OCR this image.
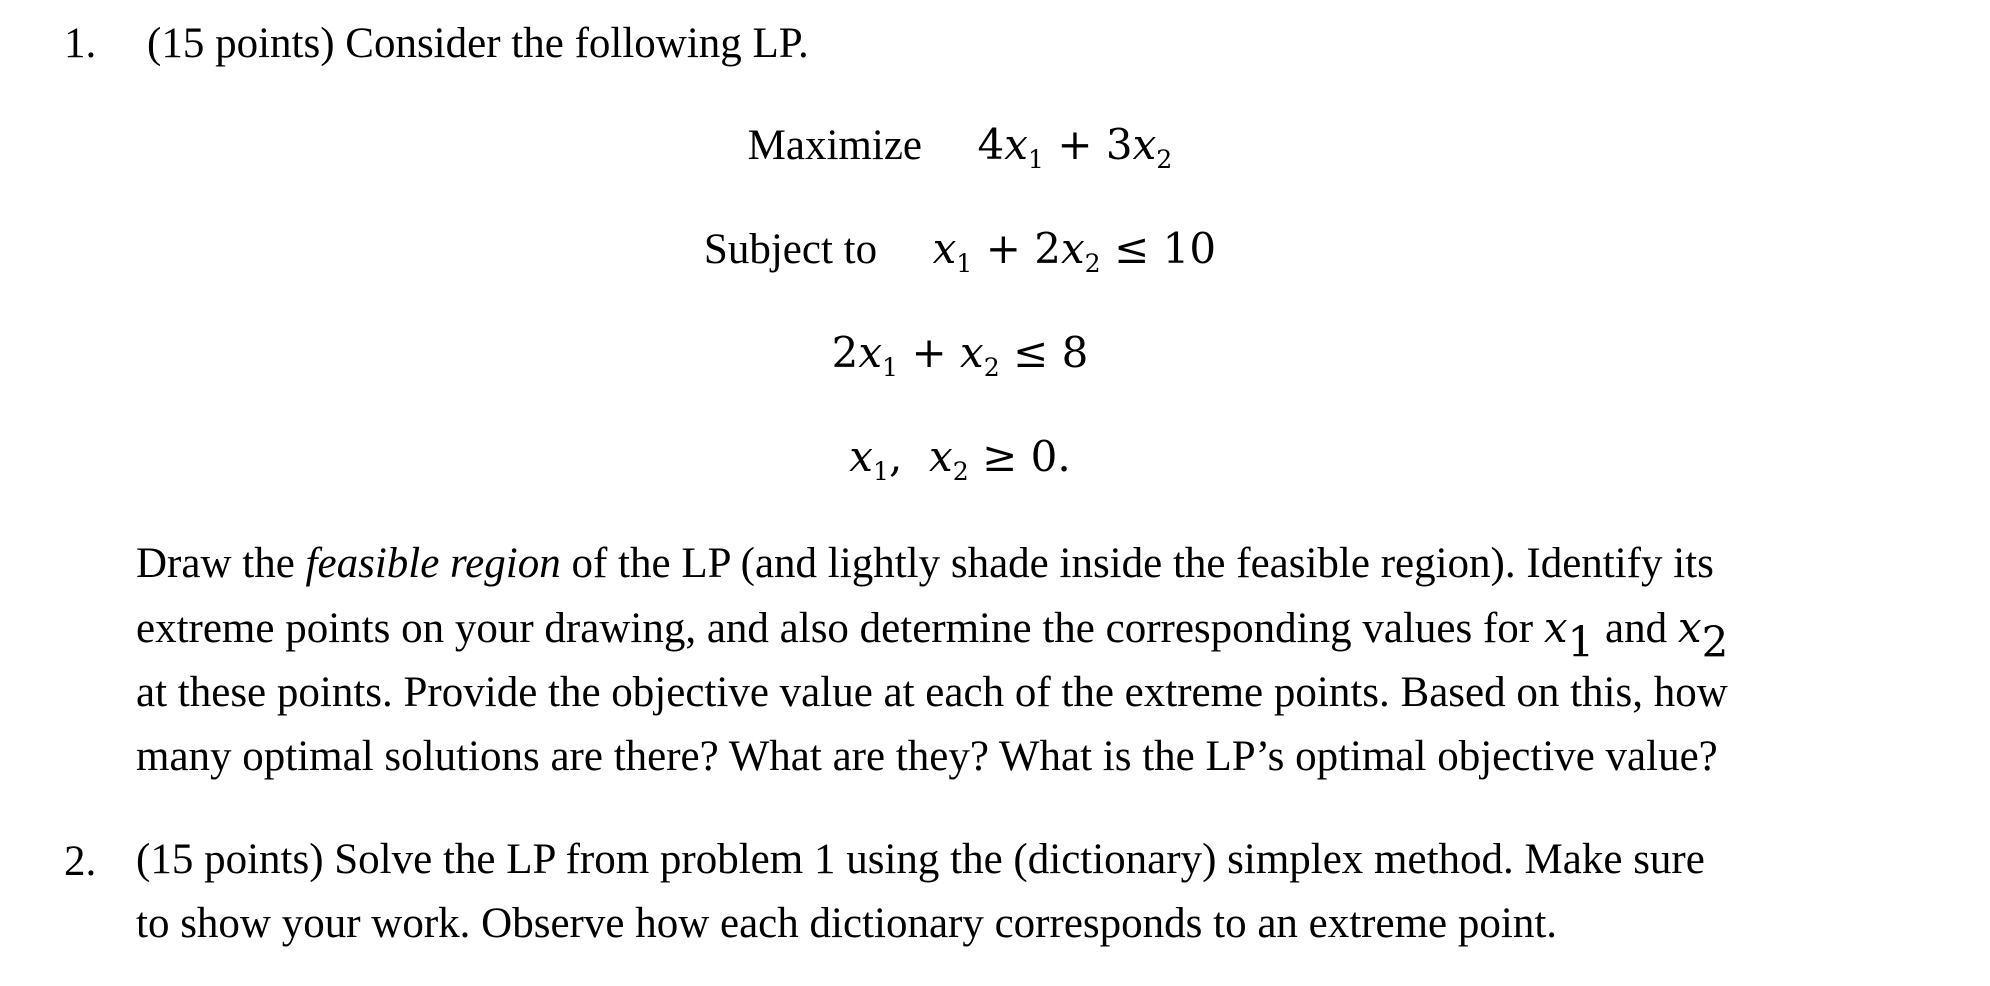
1. (15 points) Consider the following LP.
Maximize $4x_1 + 3x_2$
Subject to $x_1 + 2x_2 \le 10$
$2x_1 + x_2 \le 8$
$x_1$, $x_2 \ge 0$.
Draw the feasible region of the LP (and lightly shade inside the feasible region). Identify its
extreme points on your drawing, and also determine the corresponding values for $x_1$ and $x_2$
at these points. Provide the objective value at each of the extreme points. Based on this, how
many optimal solutions are there? What are they? What is the LP’s optimal objective value?
2. (15 points) Solve the LP from problem 1 using the (dictionary) simplex method. Make sure
to show your work. Observe how each dictionary corresponds to an extreme point.
